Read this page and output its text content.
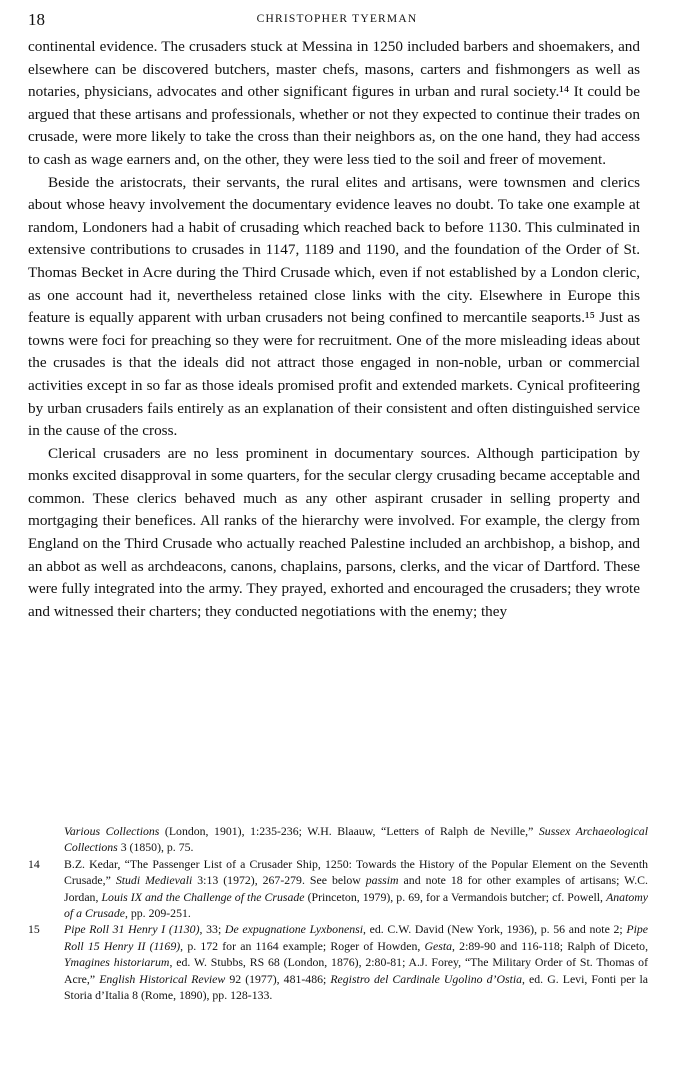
18	CHRISTOPHER TYERMAN

continental evidence. The crusaders stuck at Messina in 1250 included barbers and shoemakers, and elsewhere can be discovered butchers, master chefs, masons, carters and fishmongers as well as notaries, physicians, advocates and other significant figures in urban and rural society.¹⁴ It could be argued that these artisans and professionals, whether or not they expected to continue their trades on crusade, were more likely to take the cross than their neighbors as, on the one hand, they had access to cash as wage earners and, on the other, they were less tied to the soil and freer of movement.

Beside the aristocrats, their servants, the rural elites and artisans, were townsmen and clerics about whose heavy involvement the documentary evidence leaves no doubt. To take one example at random, Londoners had a habit of crusading which reached back to before 1130. This culminated in extensive contributions to crusades in 1147, 1189 and 1190, and the foundation of the Order of St. Thomas Becket in Acre during the Third Crusade which, even if not established by a London cleric, as one account had it, nevertheless retained close links with the city. Elsewhere in Europe this feature is equally apparent with urban crusaders not being confined to mercantile seaports.¹⁵ Just as towns were foci for preaching so they were for recruitment. One of the more misleading ideas about the crusades is that the ideals did not attract those engaged in non-noble, urban or commercial activities except in so far as those ideals promised profit and extended markets. Cynical profiteering by urban crusaders fails entirely as an explanation of their consistent and often distinguished service in the cause of the cross.

Clerical crusaders are no less prominent in documentary sources. Although participation by monks excited disapproval in some quarters, for the secular clergy crusading became acceptable and common. These clerics behaved much as any other aspirant crusader in selling property and mortgaging their benefices. All ranks of the hierarchy were involved. For example, the clergy from England on the Third Crusade who actually reached Palestine included an archbishop, a bishop, and an abbot as well as archdeacons, canons, chaplains, parsons, clerks, and the vicar of Dartford. These were fully integrated into the army. They prayed, exhorted and encouraged the crusaders; they wrote and witnessed their charters; they conducted negotiations with the enemy; they

Various Collections (London, 1901), 1:235-236; W.H. Blaauw, “Letters of Ralph de Neville,” Sussex Archaeological Collections 3 (1850), p. 75.
14 B.Z. Kedar, “The Passenger List of a Crusader Ship, 1250: Towards the History of the Popular Element on the Seventh Crusade,” Studi Medievali 3:13 (1972), 267-279. See below passim and note 18 for other examples of artisans; W.C. Jordan, Louis IX and the Challenge of the Crusade (Princeton, 1979), p. 69, for a Vermandois butcher; cf. Powell, Anatomy of a Crusade, pp. 209-251.
15 Pipe Roll 31 Henry I (1130), 33; De expugnatione Lyxbonensi, ed. C.W. David (New York, 1936), p. 56 and note 2; Pipe Roll 15 Henry II (1169), p. 172 for an 1164 example; Roger of Howden, Gesta, 2:89-90 and 116-118; Ralph of Diceto, Ymagines historiarum, ed. W. Stubbs, RS 68 (London, 1876), 2:80-81; A.J. Forey, “The Military Order of St. Thomas of Acre,” English Historical Review 92 (1977), 481-486; Registro del Cardinale Ugolino d’Ostia, ed. G. Levi, Fonti per la Storia d’Italia 8 (Rome, 1890), pp. 128-133.
